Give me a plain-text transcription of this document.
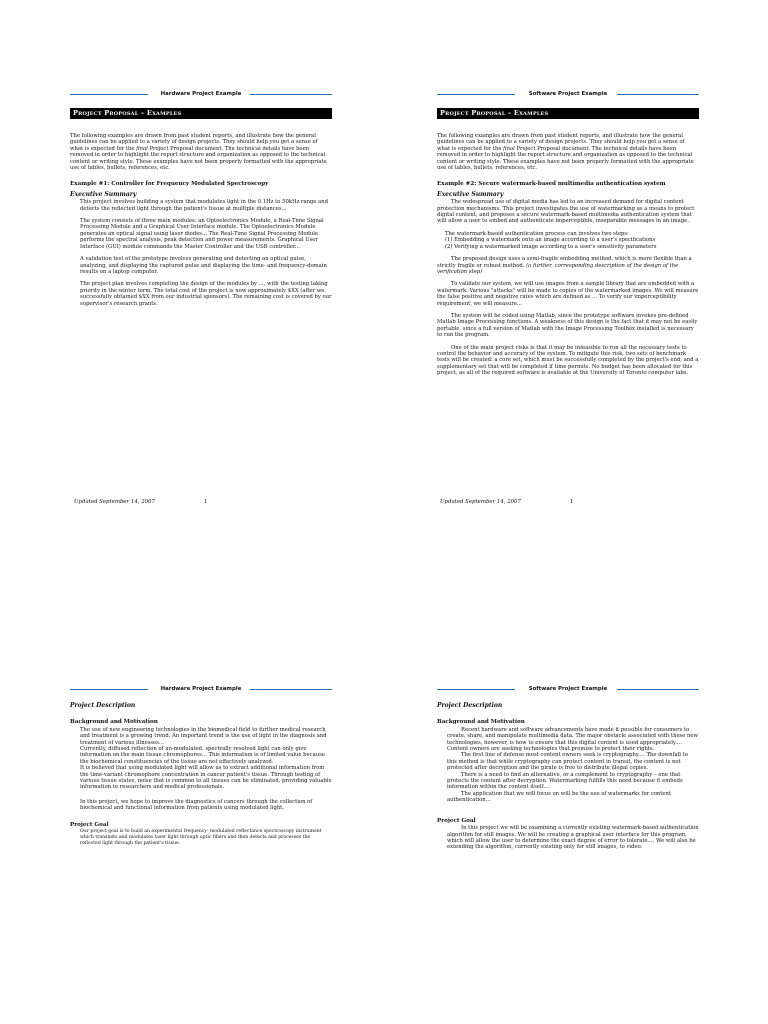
Hardware Project Example
Project Proposal – Examples

The following examples are drawn from past student reports, and illustrate how the general guidelines can be applied to a variety of design projects. They should help you get a sense of what is expected for the final Project Proposal document. The technical details have been removed in order to highlight the report structure and organization as opposed to the technical content or writing style. These examples have not been properly formatted with the appropriate use of tables, bullets, references, etc.

Example #1: Controller for Frequency Modulated Spectroscopy
Executive Summary

This project involves building a system that modulates light in the 0.1Hz to 50kHz range and detects the reflected light through the patient's tissue at multiple distances...

The system consists of three main modules: an Optoelectronics Module, a Real-Time Signal Processing Module and a Graphical User Interface module. The Optoelectronics Module generates an optical signal using laser diodes... The Real-Time Signal Processing Module performs the spectral analysis, peak detection and power measurements. Graphical User Interface (GUI) module commands the Master Controller and the USB controller...

A validation test of the prototype involves generating and detecting an optical pulse, analyzing, and displaying the captured pulse and displaying the time- and frequency-domain results on a laptop computer.

The project plan involves completing the design of the modules by ..., with the testing taking priority in the winter term. The total cost of the project is now approximately $XX (after we successfully obtained $XX from our industrial sponsors). The remaining cost is covered by our supervisor's research grants.

Updated September 14, 2007	1
Software Project Example
Project Proposal – Examples

The following examples are drawn from past student reports, and illustrate how the general guidelines can be applied to a variety of design projects. They should help you get a sense of what is expected for the final Project Proposal document. The technical details have been removed in order to highlight the report structure and organization as opposed to the technical content or writing style. These examples have not been properly formatted with the appropriate use of tables, bullets, references, etc.

Example #2: Secure watermark-based multimedia authentication system
Executive Summary

The widespread use of digital media has led to an increased demand for digital content protection mechanisms. This project investigates the use of watermarking as a means to protect digital content, and proposes a secure watermark-based multimedia authentication system that will allow a user to embed and authenticate imperceptible, inseparable messages in an image.

The watermark-based authentication process can involves two steps:
(1) Embedding a watermark onto an image according to a user's specifications
(2) Verifying a watermarked image according to a user's sensitivity parameters

The proposed design uses a semi-fragile embedding method, which is more flexible than a strictly fragile or robust method. (a further, corresponding description of the design of the verification step)

To validate our system, we will use images from a sample library that are embedded with a watermark. Various "attacks" will be made to copies of the watermarked images. We will measure the false positive and negative rates which are defined as ... To verify our imperceptibility requirement, we will measure...

The system will be coded using Matlab, since the prototype software invokes pre-defined Matlab Image Processing functions. A weakness of this design is the fact that it may not be easily portable, since a full version of Matlab with the Image Processing Toolbox installed is necessary to run the program.

One of the main project risks is that it may be infeasible to run all the necessary tests to control the behavior and accuracy of the system. To mitigate this risk, two sets of benchmark tests will be created: a core set, which must be successfully completed by the project's end, and a supplementary set that will be completed if time permits. No budget has been allocated for this project, as all of the required software is available at the University of Toronto computer labs.

Updated September 14, 2007	1
Hardware Project Example
Project Description
Background and Motivation
The use of new engineering technologies in the biomedical field to further medical research and treatment is a growing trend. An important trend is the use of light in the diagnosis and treatment of various illnesses...
Currently, diffused reflection of un-modulated, spectrally resolved light can only give information on the main tissue chromophores... This information is of limited value because the biochemical constituencies of the tissue are not effectively analyzed.
It is believed that using modulated light will allow us to extract additional information from the time-variant chromophore concentration in cancer patient's tissue. Through testing of various tissue states, noise that is common to all tissues can be eliminated, providing valuable information to researchers and medical professionals.
In this project, we hope to improve the diagnostics of cancers through the collection of biochemical and functional information from patients using modulated light.
Project Goal
Our project goal is to build an experimental frequency- modulated reflectance spectroscopy instrument which transmits and modulates laser light through optic fibers and then detects and processes the reflected light through the patient's tissue.
Software Project Example
Project Description
Background and Motivation
Recent hardware and software advancements have made it possible for consumers to create, share, and manipulate multimedia data. The major obstacle associated with these new technologies, however, is how to ensure that this digital content is used appropriately.... Content owners are seeking technologies that promise to protect their rights.
The first line of defense most content owners seek is cryptography.... The downfall to this method is that while cryptography can protect content in transit, the content is not protected after decryption and the pirate is free to distribute illegal copies.
There is a need to find an alternative, or a complement to cryptography – one that protects the content after decryption. Watermarking fulfills this need because it embeds information within the content itself....
The application that we will focus on will be the use of watermarks for content authentication...
Project Goal
In this project we will be examining a currently existing watermark-based authentication algorithm for still images. We will be creating a graphical user interface for this program, which will allow the user to determine the exact degree of error to tolerate..., We will also be extending the algorithm, currently existing only for still images, to video.
